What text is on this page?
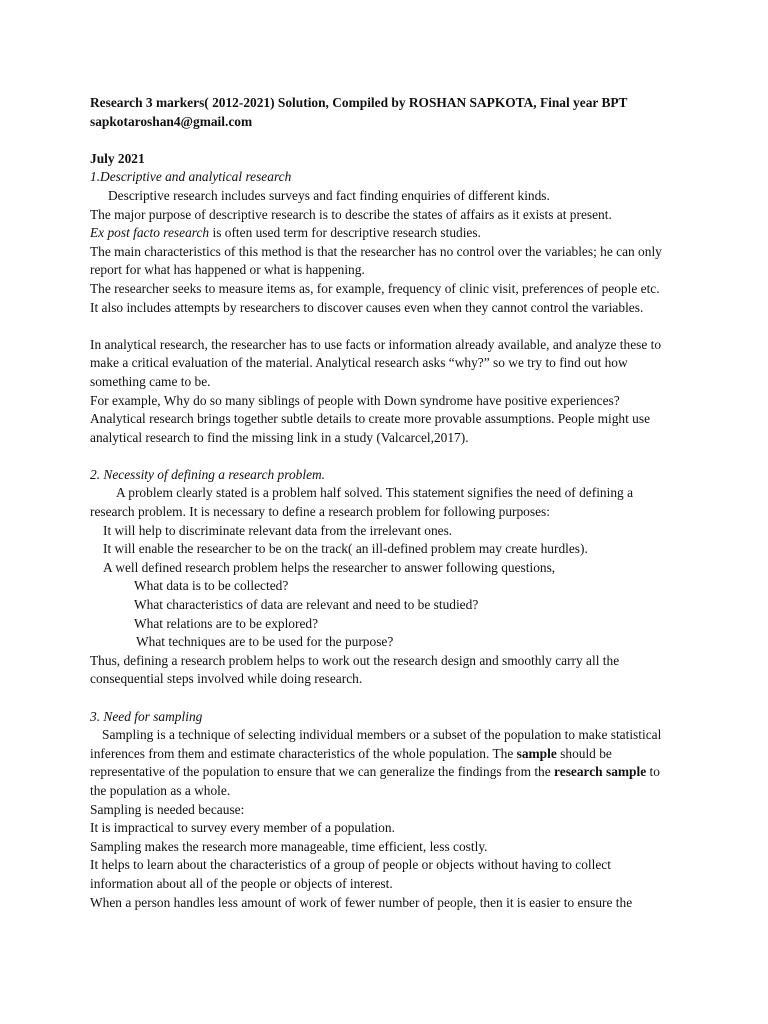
Research 3 markers( 2012-2021) Solution, Compiled by ROSHAN SAPKOTA, Final year BPT
sapkotaroshan4@gmail.com
July 2021
1.Descriptive and analytical research
Descriptive research includes surveys and fact finding enquiries of different kinds.
The major purpose of descriptive research is to describe the states of affairs as it exists at present.
Ex post facto research is often used term for descriptive research studies.
The main characteristics of this method is that the researcher has no control over the variables; he can only
report for what has happened or what is happening.
The researcher seeks to measure items as, for example, frequency of clinic visit, preferences of people etc.
It also includes attempts by researchers to discover causes even when they cannot control the variables.
In analytical research, the researcher has to use facts or information already available, and analyze these to
make a critical evaluation of the material. Analytical research asks “why?” so we try to find out how
something came to be.
For example, Why do so many siblings of people with Down syndrome have positive experiences?
Analytical research brings together subtle details to create more provable assumptions. People might use
analytical research to find the missing link in a study (Valcarcel,2017).
2. Necessity of defining a research problem.
A problem clearly stated is a problem half solved. This statement signifies the need of defining a
research problem. It is necessary to define a research problem for following purposes:
It will help to discriminate relevant data from the irrelevant ones.
It will enable the researcher to be on the track( an ill-defined problem may create hurdles).
A well defined research problem helps the researcher to answer following questions,
What data is to be collected?
What characteristics of data are relevant and need to be studied?
What relations are to be explored?
What techniques are to be used for the purpose?
Thus, defining a research problem helps to work out the research design and smoothly carry all the
consequential steps involved while doing research.
3. Need for sampling
Sampling is a technique of selecting individual members or a subset of the population to make statistical
inferences from them and estimate characteristics of the whole population. The sample should be
representative of the population to ensure that we can generalize the findings from the research sample to
the population as a whole.
Sampling is needed because:
It is impractical to survey every member of a population.
Sampling makes the research more manageable, time efficient, less costly.
It helps to learn about the characteristics of a group of people or objects without having to collect
information about all of the people or objects of interest.
When a person handles less amount of work of fewer number of people, then it is easier to ensure the
